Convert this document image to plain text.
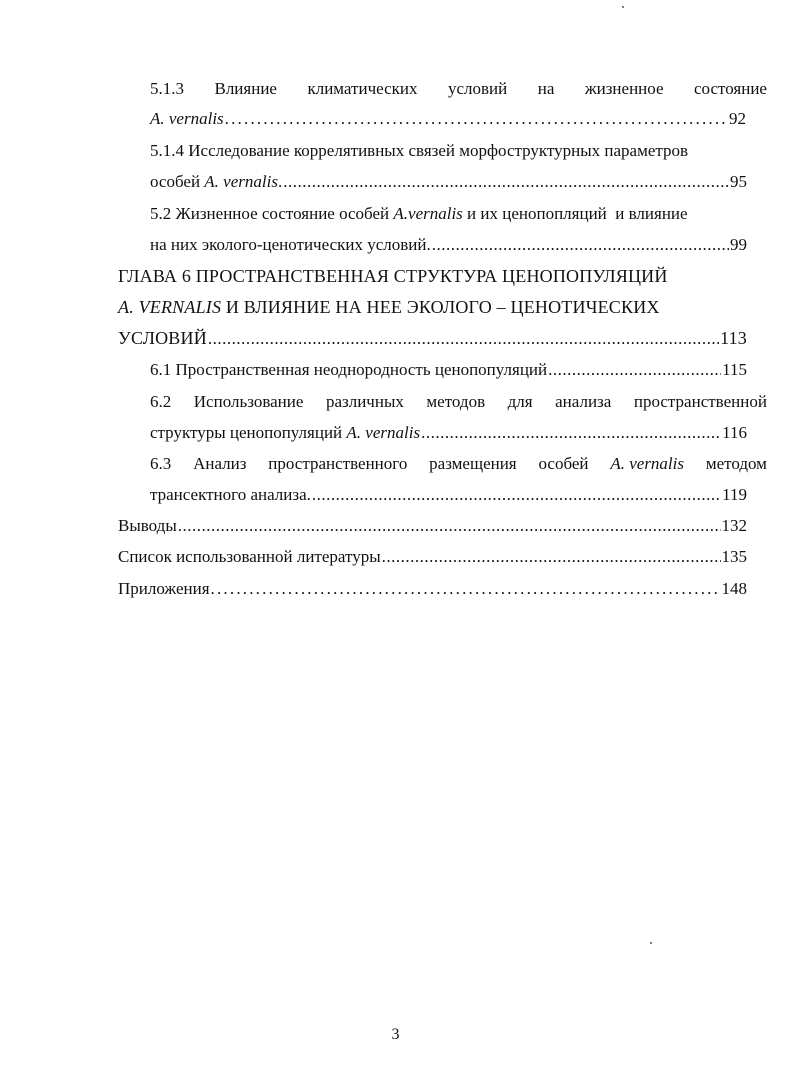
5.1.3 Влияние климатических условий на жизненное состояние
A. vernalis .....	92
5.1.4 Исследование коррелятивных связей морфоструктурных параметров
особей
A. vernalis . .....	95
5.2 Жизненное состояние особей
A.vernalis
и их ценопопляций  и влияние
на них эколого-ценотических условий. .....	99
ГЛАВА 6 ПРОСТРАНСТВЕННАЯ СТРУКТУРА ЦЕНОПОПУЛЯЦИЙ
A. VERNALIS
И ВЛИЯНИЕ НА НЕЕ ЭКОЛОГО – ЦЕНОТИЧЕСКИХ
УСЛОВИЙ .....	113
6.1 Пространственная неоднородность ценопопуляций .....	115
6.2 Использование различных методов для анализа пространственной
структуры ценопопуляций
A. vernalis .....	116
6.3 Анализ пространственного размещения особей A. vernalis методом
трансектного анализа. .....	119
Выводы .....	132
Список использованной литературы .....	135
Приложения .....	148
3
